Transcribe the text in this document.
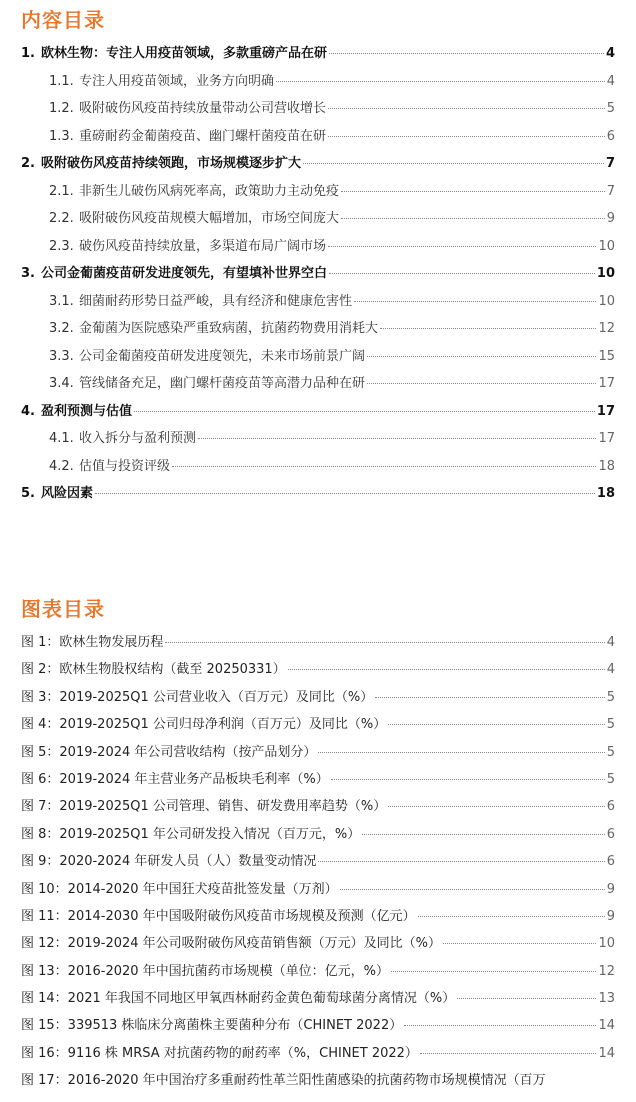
内容目录
1. 欧林生物：专注人用疫苗领域，多款重磅产品在研	4
1.1. 专注人用疫苗领域，业务方向明确	4
1.2. 吸附破伤风疫苗持续放量带动公司营收增长	5
1.3. 重磅耐药金葡菌疫苗、幽门螺杆菌疫苗在研	6
2. 吸附破伤风疫苗持续领跑，市场规模逐步扩大	7
2.1. 非新生儿破伤风病死率高，政策助力主动免疫	7
2.2. 吸附破伤风疫苗规模大幅增加，市场空间庞大	9
2.3. 破伤风疫苗持续放量，多渠道布局广阔市场	10
3. 公司金葡菌疫苗研发进度领先，有望填补世界空白	10
3.1. 细菌耐药形势日益严峻，具有经济和健康危害性	10
3.2. 金葡菌为医院感染严重致病菌，抗菌药物费用消耗大	12
3.3. 公司金葡菌疫苗研发进度领先，未来市场前景广阔	15
3.4. 管线储备充足，幽门螺杆菌疫苗等高潜力品种在研	17
4. 盈利预测与估值	17
4.1. 收入拆分与盈利预测	17
4.2. 估值与投资评级	18
5. 风险因素	18
图表目录
图 1：欧林生物发展历程	4
图 2：欧林生物股权结构（截至 20250331）	4
图 3：2019-2025Q1 公司营业收入（百万元）及同比（%）	5
图 4：2019-2025Q1 公司归母净利润（百万元）及同比（%）	5
图 5：2019-2024 年公司营收结构（按产品划分）	5
图 6：2019-2024 年主营业务产品板块毛利率（%）	5
图 7：2019-2025Q1 公司管理、销售、研发费用率趋势（%）	6
图 8：2019-2025Q1 年公司研发投入情况（百万元，%）	6
图 9：2020-2024 年研发人员（人）数量变动情况	6
图 10：2014-2020 年中国狂犬疫苗批签发量（万剂）	9
图 11：2014-2030 年中国吸附破伤风疫苗市场规模及预测（亿元）	9
图 12：2019-2024 年公司吸附破伤风疫苗销售额（万元）及同比（%）	10
图 13：2016-2020 年中国抗菌药市场规模（单位：亿元，%）	12
图 14：2021 年我国不同地区甲氧西林耐药金黄色葡萄球菌分离情况（%）	13
图 15：339513 株临床分离菌株主要菌种分布（CHINET 2022）	14
图 16：9116 株 MRSA 对抗菌药物的耐药率（%，CHINET 2022）	14
图 17：2016-2020 年中国治疗多重耐药性革兰阳性菌感染的抗菌药物市场规模情况（百万
